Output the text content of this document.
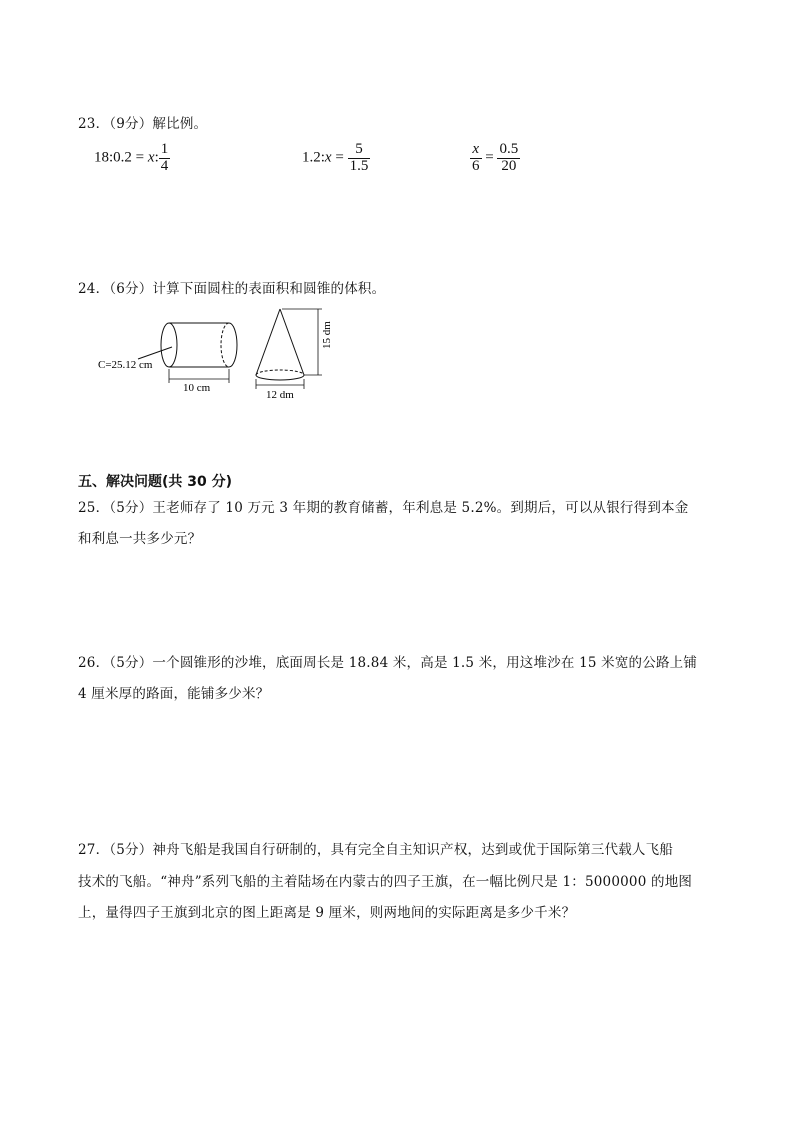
23．（9分）解比例。
18:0.2 = x: $\frac{1}{4}$	1.2:x = $\frac{5}{1.5}$	$\frac{x}{6} = \frac{0.5}{20}$
24．（6分）计算下面圆柱的表面积和圆锥的体积。
C=25.12 cm
10 cm
15 dm
12 dm
五、解决问题(共 30 分)
25．（5分）王老师存了 10 万元 3 年期的教育储蓄，年利息是 5.2%。到期后，可以从银行得到本金
和利息一共多少元？
26．（5分）一个圆锥形的沙堆，底面周长是 18.84 米，高是 1.5 米，用这堆沙在 15 米宽的公路上铺
4 厘米厚的路面，能铺多少米？
27．（5分）神舟飞船是我国自行研制的，具有完全自主知识产权，达到或优于国际第三代载人飞船
技术的飞船。“神舟”系列飞船的主着陆场在内蒙古的四子王旗，在一幅比例尺是 1：5000000 的地图
上，量得四子王旗到北京的图上距离是 9 厘米，则两地间的实际距离是多少千米？
